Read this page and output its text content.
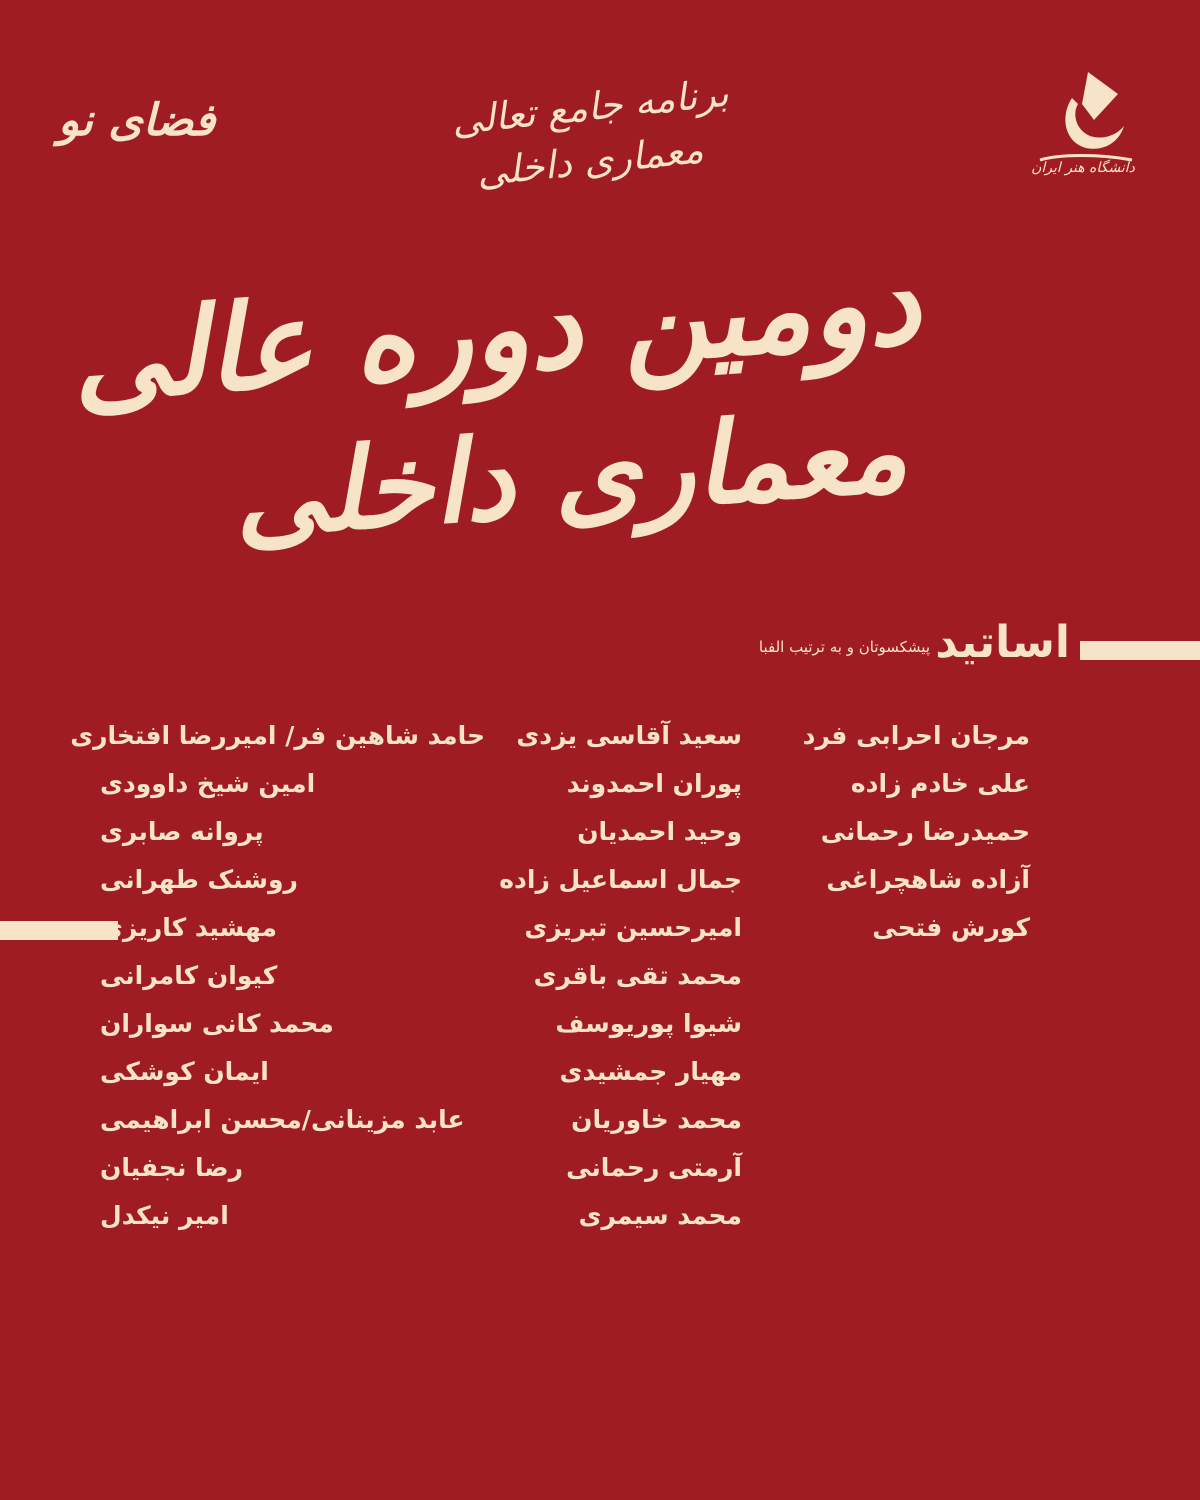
فضای نو	برنامه جامع تعالی
معماری داخلی	دانشگاه هنر ایران
دومین دوره عالی
معماری داخلی
اساتید
پیشکسوتان و به ترتیب الفبا
مرجان احرابی فرد
علی خادم زاده
حمیدرضا رحمانی
آزاده شاهچراغی
کورش فتحی
سعید آقاسی یزدی
پوران احمدوند
وحید احمدیان
جمال اسماعیل زاده
امیرحسین تبریزی
محمد تقی باقری
شیوا پوریوسف
مهیار جمشیدی
محمد خاوریان
آرمتی رحمانی
محمد سیمری
حامد شاهین فر/ امیررضا افتخاری
امین شیخ داوودی
پروانه صابری
روشنک طهرانی
مهشید کاریزی
کیوان کامرانی
محمد کانی سواران
ایمان کوشکی
عابد مزینانی/محسن ابراهیمی
رضا نجفیان
امیر نیکدل
